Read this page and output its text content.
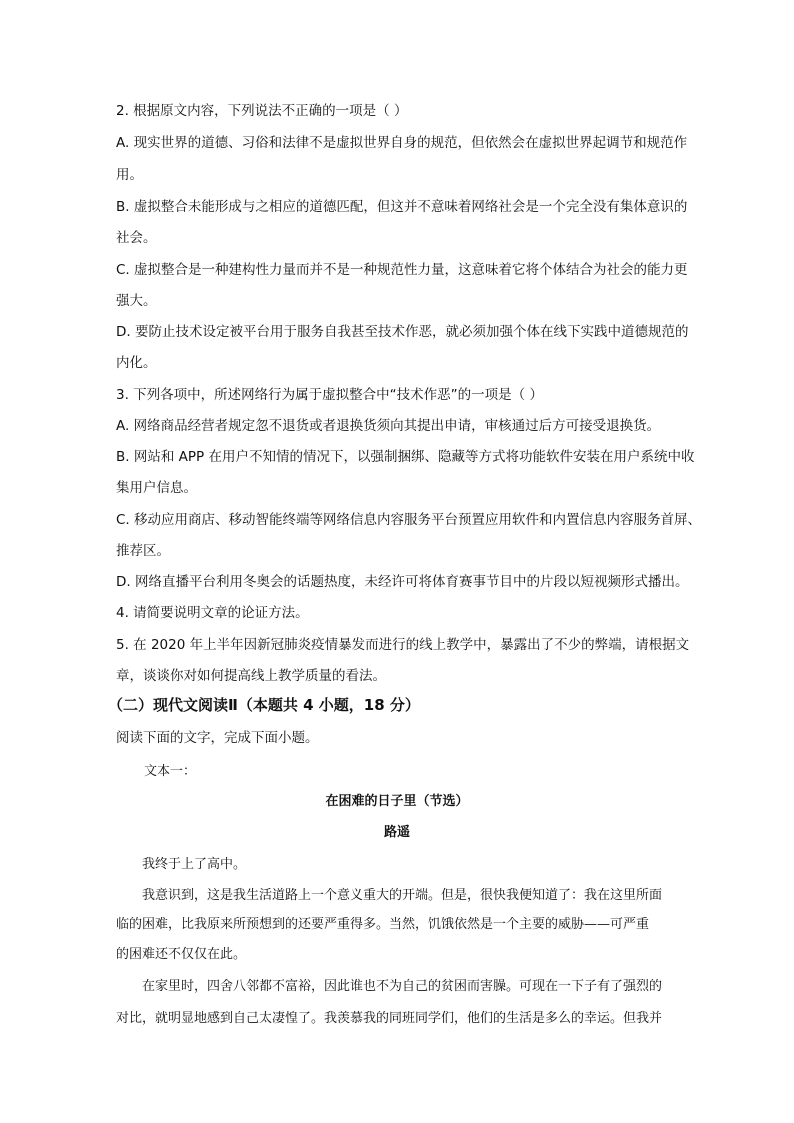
2. 根据原文内容，下列说法不正确的一项是（ ）
A. 现实世界的道德、习俗和法律不是虚拟世界自身的规范，但依然会在虚拟世界起调节和规范作
用。
B. 虚拟整合未能形成与之相应的道德匹配，但这并不意味着网络社会是一个完全没有集体意识的
社会。
C. 虚拟整合是一种建构性力量而并不是一种规范性力量，这意味着它将个体结合为社会的能力更
强大。
D. 要防止技术设定被平台用于服务自我甚至技术作恶，就必须加强个体在线下实践中道德规范的
内化。
3. 下列各项中，所述网络行为属于虚拟整合中“技术作恶”的一项是（ ）
A. 网络商品经营者规定忽不退货或者退换货须向其提出申请，审核通过后方可接受退换货。
B. 网站和 APP 在用户不知情的情况下，以强制捆绑、隐藏等方式将功能软件安装在用户系统中收
集用户信息。
C. 移动应用商店、移动智能终端等网络信息内容服务平台预置应用软件和内置信息内容服务首屏、
推荐区。
D. 网络直播平台利用冬奥会的话题热度，未经许可将体育赛事节目中的片段以短视频形式播出。
4. 请简要说明文章的论证方法。
5. 在 2020 年上半年因新冠肺炎疫情暴发而进行的线上教学中，暴露出了不少的弊端，请根据文
章，谈谈你对如何提高线上教学质量的看法。
（二）现代文阅读Ⅱ（本题共 4 小题，18 分）
阅读下面的文字，完成下面小题。
文本一：
在困难的日子里（节选）
路遥
我终于上了高中。
我意识到，这是我生活道路上一个意义重大的开端。但是，很快我便知道了：我在这里所面
临的困难，比我原来所预想到的还要严重得多。当然，饥饿依然是一个主要的威胁——可严重
的困难还不仅仅在此。
在家里时，四舍八邻都不富裕，因此谁也不为自己的贫困而害臊。可现在一下子有了强烈的
对比，就明显地感到自己太凄惶了。我羡慕我的同班同学们，他们的生活是多么的幸运。但我并
